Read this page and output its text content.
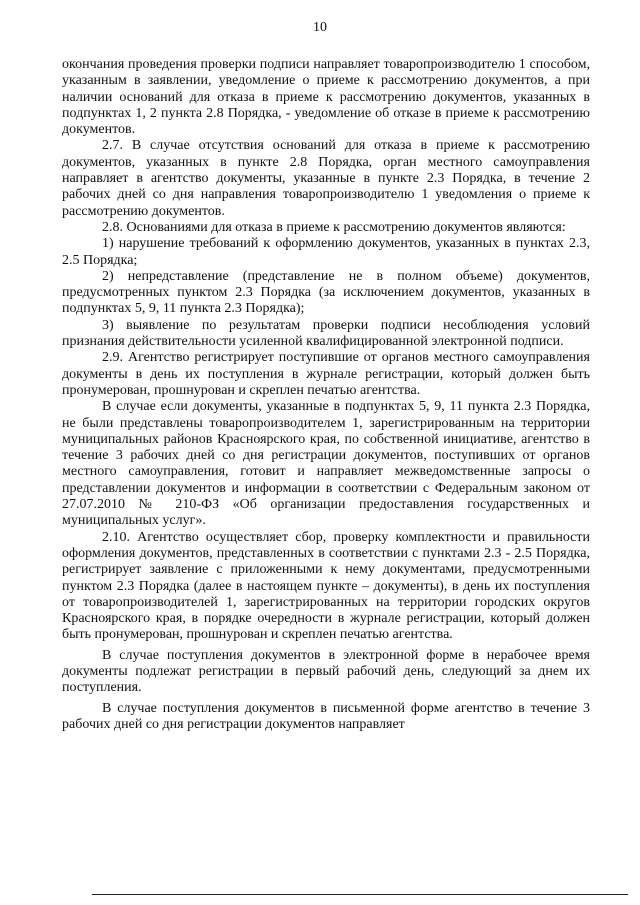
10

окончания проведения проверки подписи направляет товаропроизводителю 1 способом, указанным в заявлении, уведомление о приеме к рассмотрению документов, а при наличии оснований для отказа в приеме к рассмотрению документов, указанных в подпунктах 1, 2 пункта 2.8 Порядка, - уведомление об отказе в приеме к рассмотрению документов.

2.7. В случае отсутствия оснований для отказа в приеме к рассмотрению документов, указанных в пункте 2.8 Порядка, орган местного самоуправления направляет в агентство документы, указанные в пункте 2.3 Порядка, в течение 2 рабочих дней со дня направления товаропроизводителю 1 уведомления о приеме к рассмотрению документов.

2.8. Основаниями для отказа в приеме к рассмотрению документов являются:

1) нарушение требований к оформлению документов, указанных в пунктах 2.3, 2.5 Порядка;

2) непредставление (представление не в полном объеме) документов, предусмотренных пунктом 2.3 Порядка (за исключением документов, указанных в подпунктах 5, 9, 11 пункта 2.3 Порядка);

3) выявление по результатам проверки подписи несоблюдения условий признания действительности усиленной квалифицированной электронной подписи.

2.9. Агентство регистрирует поступившие от органов местного самоуправления документы в день их поступления в журнале регистрации, который должен быть пронумерован, прошнурован и скреплен печатью агентства.

В случае если документы, указанные в подпунктах 5, 9, 11 пункта 2.3 Порядка, не были представлены товаропроизводителем 1, зарегистрированным на территории муниципальных районов Красноярского края, по собственной инициативе, агентство в течение 3 рабочих дней со дня регистрации документов, поступивших от органов местного самоуправления, готовит и направляет межведомственные запросы о представлении документов и информации в соответствии с Федеральным законом от 27.07.2010 № 210-ФЗ «Об организации предоставления государственных и муниципальных услуг».

2.10. Агентство осуществляет сбор, проверку комплектности и правильности оформления документов, представленных в соответствии с пунктами 2.3 - 2.5 Порядка, регистрирует заявление с приложенными к нему документами, предусмотренными пунктом 2.3 Порядка (далее в настоящем пункте – документы), в день их поступления от товаропроизводителей 1, зарегистрированных на территории городских округов Красноярского края, в порядке очередности в журнале регистрации, который должен быть пронумерован, прошнурован и скреплен печатью агентства.

В случае поступления документов в электронной форме в нерабочее время документы подлежат регистрации в первый рабочий день, следующий за днем их поступления.

В случае поступления документов в письменной форме агентство в течение 3 рабочих дней со дня регистрации документов направляет
